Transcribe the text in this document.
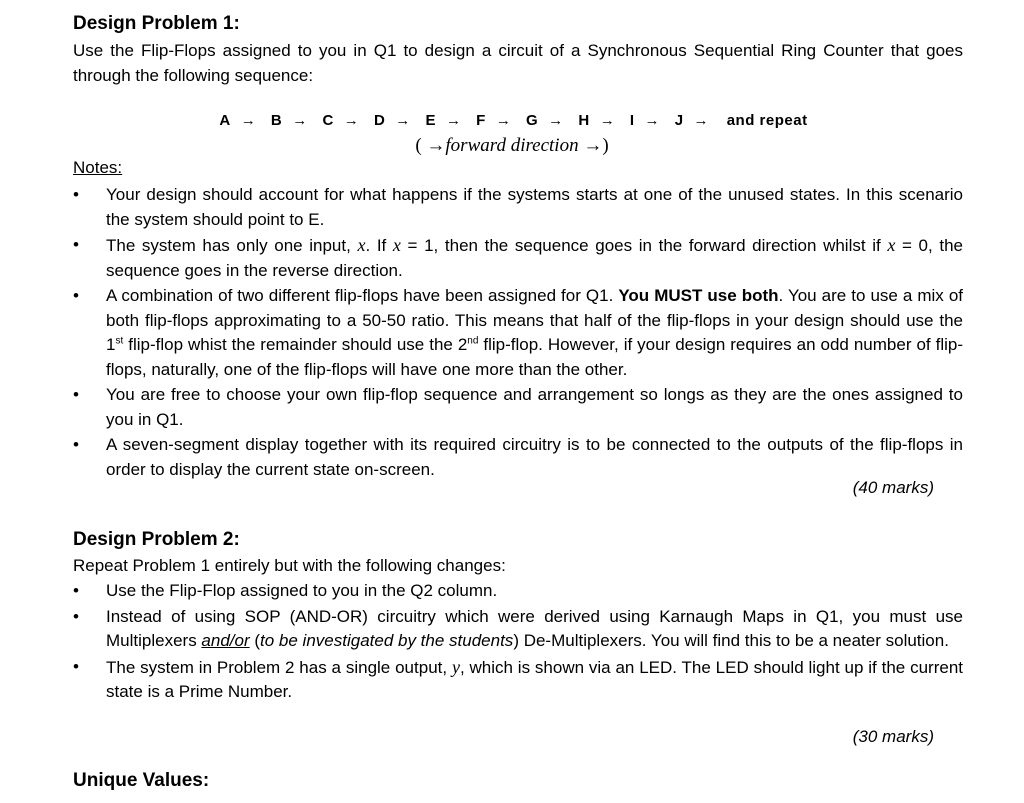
Design Problem 1:
Use the Flip-Flops assigned to you in Q1 to design a circuit of a Synchronous Sequential Ring Counter that goes through the following sequence:
A → B → C → D → E → F → G → H → I → J → and repeat
( →forward direction →)
Notes:
• Your design should account for what happens if the systems starts at one of the unused states. In this scenario the system should point to E.
• The system has only one input, x. If x = 1, then the sequence goes in the forward direction whilst if x = 0, the sequence goes in the reverse direction.
• A combination of two different flip-flops have been assigned for Q1. You MUST use both. You are to use a mix of both flip-flops approximating to a 50-50 ratio. This means that half of the flip-flops in your design should use the 1st flip-flop whist the remainder should use the 2nd flip-flop. However, if your design requires an odd number of flip-flops, naturally, one of the flip-flops will have one more than the other.
• You are free to choose your own flip-flop sequence and arrangement so longs as they are the ones assigned to you in Q1.
• A seven-segment display together with its required circuitry is to be connected to the outputs of the flip-flops in order to display the current state on-screen.
(40 marks)
Design Problem 2:
Repeat Problem 1 entirely but with the following changes:
• Use the Flip-Flop assigned to you in the Q2 column.
• Instead of using SOP (AND-OR) circuitry which were derived using Karnaugh Maps in Q1, you must use Multiplexers and/or (to be investigated by the students) De-Multiplexers. You will find this to be a neater solution.
• The system in Problem 2 has a single output, y, which is shown via an LED. The LED should light up if the current state is a Prime Number.
(30 marks)
Unique Values:
